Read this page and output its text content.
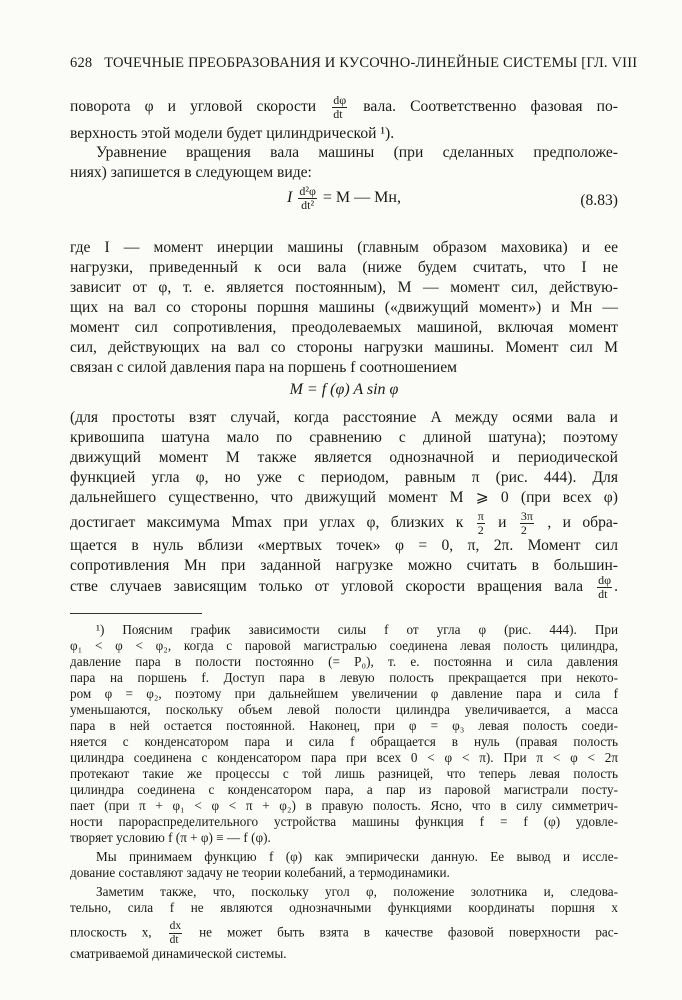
628 ТОЧЕЧНЫЕ ПРЕОБРАЗОВАНИЯ И КУСОЧНО-ЛИНЕЙНЫЕ СИСТЕМЫ [ГЛ. VIII
поворота φ и угловой скорости $\frac{d\varphi}{dt}$ вала. Соответственно фазовая по-
верхность этой модели будет цилиндрической ¹).
Уравнение вращения вала машины (при сделанных предположе-
ниях) запишется в следующем виде:
I $\frac{\text{d²φ}}{\text{dt²}} = M$ — Mн,	(8.83)
где I — момент инерции машины (главным образом маховика) и ее
нагрузки, приведенный к оси вала (ниже будем считать, что I не
зависит от φ, т. е. является постоянным), M — момент сил, действую-
щих на вал со стороны поршня машины («движущий момент») и Mн —
момент сил сопротивления, преодолеваемых машиной, включая момент
сил, действующих на вал со стороны нагрузки машины. Момент сил M
связан с силой давления пара на поршень f соотношением
M = f (φ) A sin φ
(для простоты взят случай, когда расстояние A между осями вала и
кривошипа шатуна мало по сравнению с длиной шатуна); поэтому
движущий момент M также является однозначной и периодической
функцией угла φ, но уже с периодом, равным π (рис. 444). Для
дальнейшего существенно, что движущий момент M ⩾ 0 (при всех φ)
достигает максимума Mmax при углах φ, близких к $\frac{\pi}{2}$ и $\frac{3\pi}{2}$ , и обра-
щается в нуль вблизи «мертвых точек» φ = 0, π, 2π. Момент сил
сопротивления Mн при заданной нагрузке можно считать в большин-
стве случаев зависящим только от угловой скорости вращения вала $\frac{d\varphi}{dt}$ .
¹) Поясним график зависимости силы f от угла φ (рис. 444). При
φ₁ < φ < φ₂, когда с паровой магистралью соединена левая полость цилиндра,
давление пара в полости постоянно (= P₀), т. е. постоянна и сила давления
пара на поршень f. Доступ пара в левую полость прекращается при некото-
ром φ = φ₂, поэтому при дальнейшем увеличении φ давление пара и сила f
уменьшаются, поскольку объем левой полости цилиндра увеличивается, а масса
пара в ней остается постоянной. Наконец, при φ = φ₃ левая полость соеди-
няется с конденсатором пара и сила f обращается в нуль (правая полость
цилиндра соединена с конденсатором пара при всех 0 < φ < π). При π < φ < 2π
протекают такие же процессы с той лишь разницей, что теперь левая полость
цилиндра соединена с конденсатором пара, а пар из паровой магистрали посту-
пает (при π + φ₁ < φ < π + φ₂) в правую полость. Ясно, что в силу симметрич-
ности парораспределительного устройства машины функция f = f (φ) удовле-
творяет условию f (π + φ) ≡ — f (φ).
Мы принимаем функцию f (φ) как эмпирически данную. Ее вывод и иссле-
дование составляют задачу не теории колебаний, а термодинамики.
Заметим также, что, поскольку угол φ, положение золотника и, следова-
тельно, сила f не являются однозначными функциями координаты поршня x
плоскость x, $\frac{dx}{dt}$ не может быть взята в качестве фазовой поверхности рас-
сматриваемой динамической системы.
